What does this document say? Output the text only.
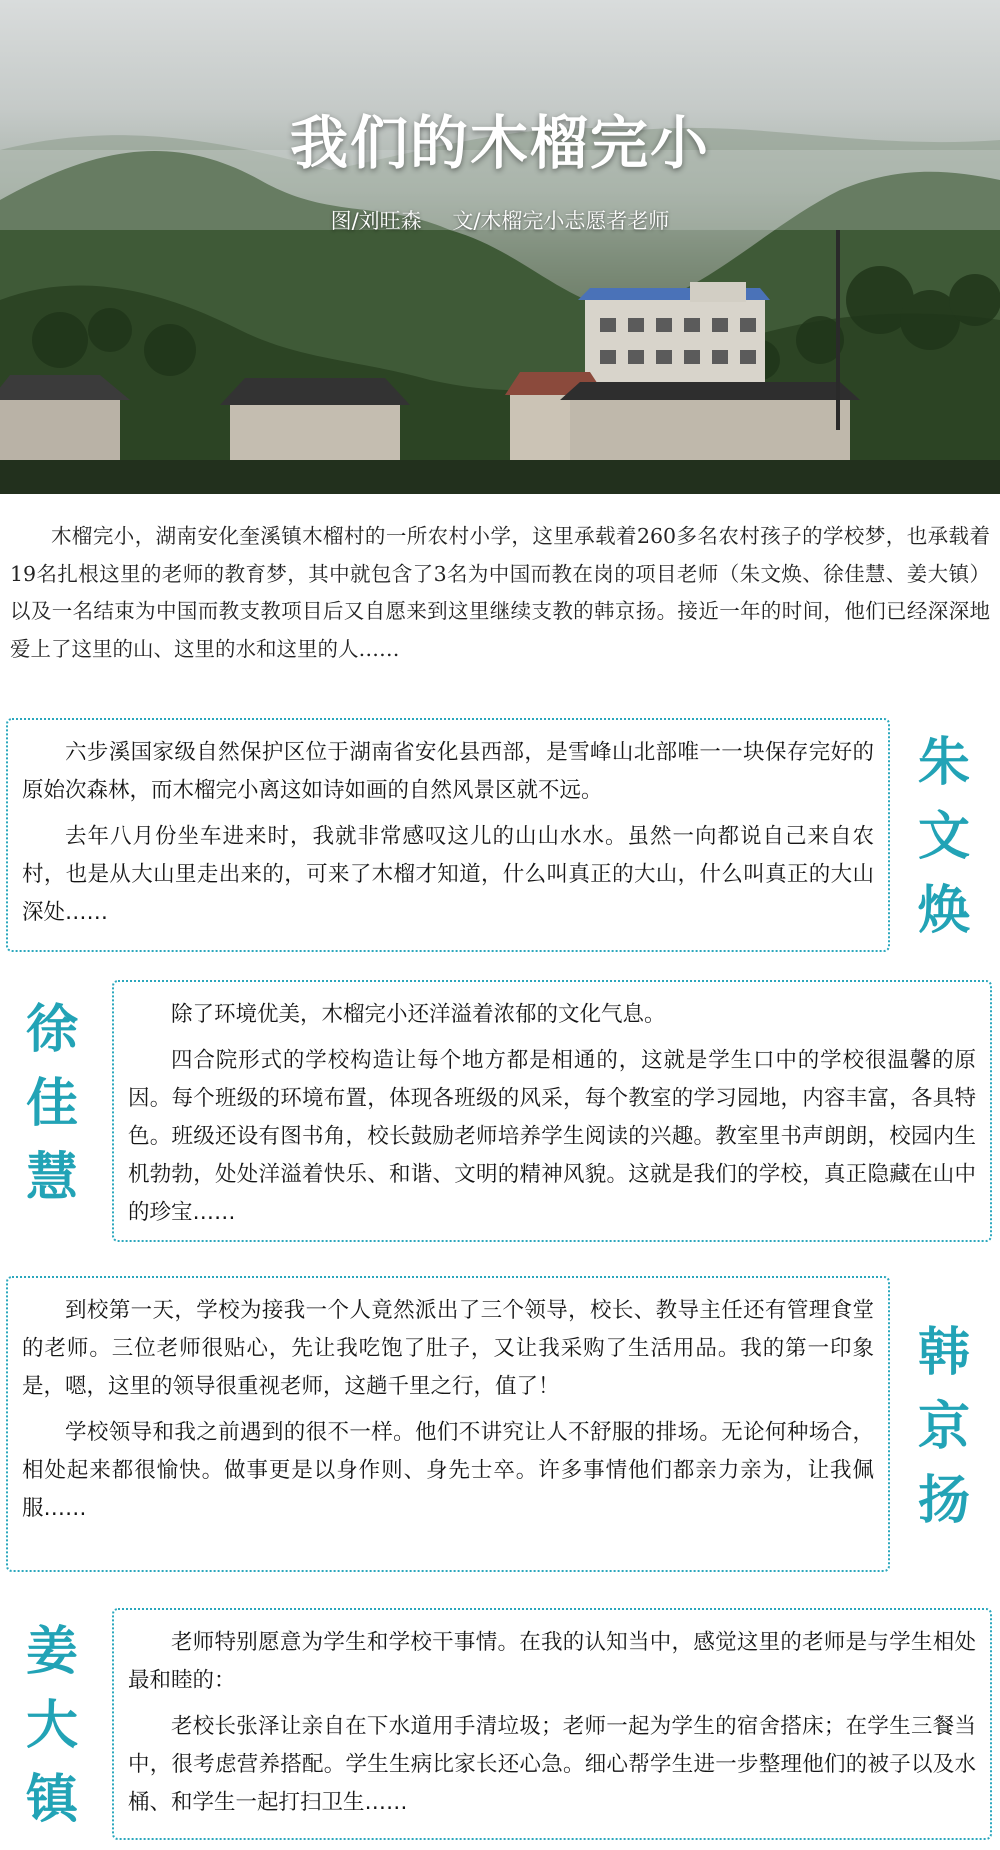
我们的木榴完小
图/刘旺森 文/木榴完小志愿者老师
木榴完小，湖南安化奎溪镇木榴村的一所农村小学，这里承载着260多名农村孩子的学校梦，也承载着19名扎根这里的老师的教育梦，其中就包含了3名为中国而教在岗的项目老师（朱文焕、徐佳慧、姜大镇）以及一名结束为中国而教支教项目后又自愿来到这里继续支教的韩京扬。接近一年的时间，他们已经深深地爱上了这里的山、这里的水和这里的人……

六步溪国家级自然保护区位于湖南省安化县西部，是雪峰山北部唯一一块保存完好的原始次森林，而木榴完小离这如诗如画的自然风景区就不远。

去年八月份坐车进来时，我就非常感叹这儿的山山水水。虽然一向都说自己来自农村，也是从大山里走出来的，可来了木榴才知道，什么叫真正的大山，什么叫真正的大山深处……

朱
文
焕
徐
佳
慧

除了环境优美，木榴完小还洋溢着浓郁的文化气息。

四合院形式的学校构造让每个地方都是相通的，这就是学生口中的学校很温馨的原因。每个班级的环境布置，体现各班级的风采，每个教室的学习园地，内容丰富，各具特色。班级还设有图书角，校长鼓励老师培养学生阅读的兴趣。教室里书声朗朗，校园内生机勃勃，处处洋溢着快乐、和谐、文明的精神风貌。这就是我们的学校，真正隐藏在山中的珍宝……

到校第一天，学校为接我一个人竟然派出了三个领导，校长、教导主任还有管理食堂的老师。三位老师很贴心，先让我吃饱了肚子，又让我采购了生活用品。我的第一印象是，嗯，这里的领导很重视老师，这趟千里之行，值了！

学校领导和我之前遇到的很不一样。他们不讲究让人不舒服的排场。无论何种场合，相处起来都很愉快。做事更是以身作则、身先士卒。许多事情他们都亲力亲为，让我佩服……

韩
京
扬
姜
大
镇

老师特别愿意为学生和学校干事情。在我的认知当中，感觉这里的老师是与学生相处最和睦的：

老校长张泽让亲自在下水道用手清垃圾；老师一起为学生的宿舍搭床；在学生三餐当中，很考虑营养搭配。学生生病比家长还心急。细心帮学生进一步整理他们的被子以及水桶、和学生一起打扫卫生……
